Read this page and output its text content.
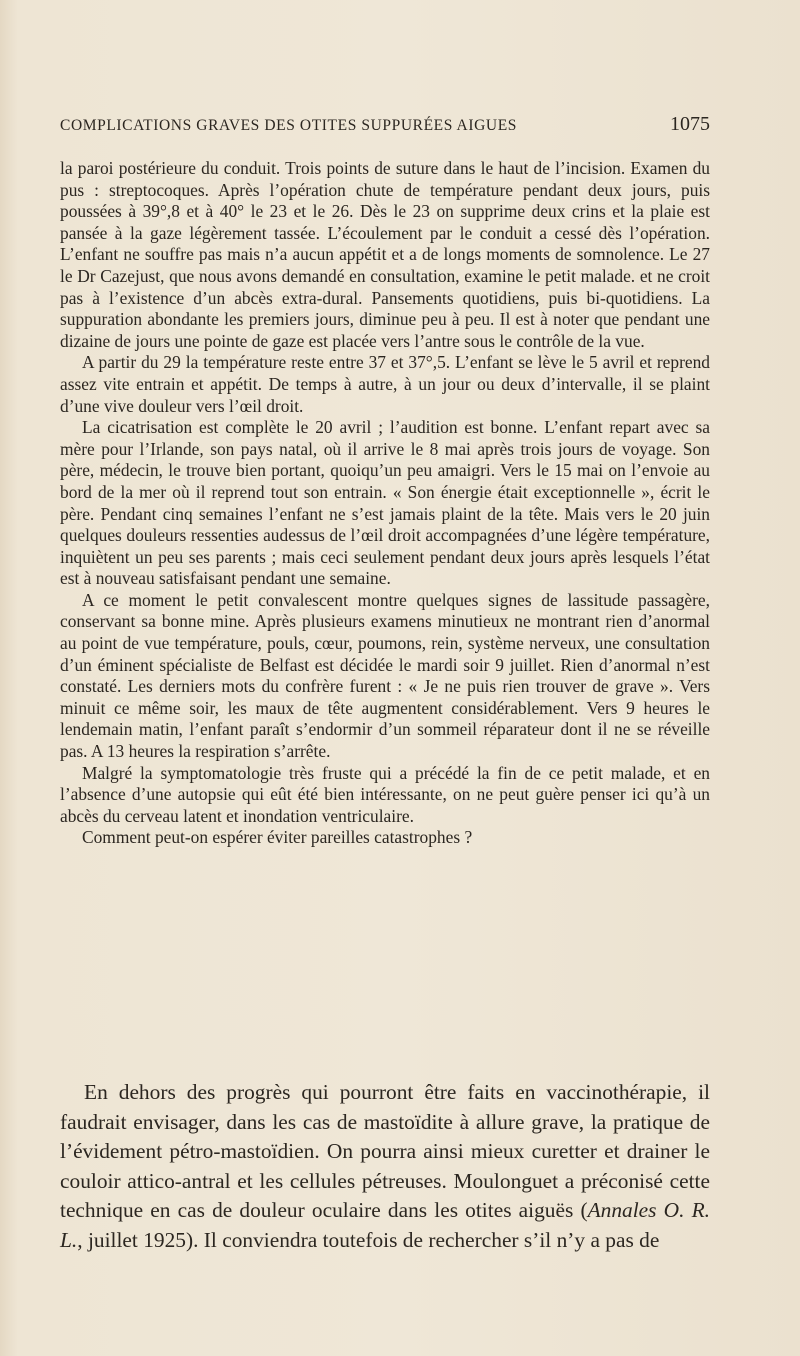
COMPLICATIONS GRAVES DES OTITES SUPPURÉES AIGUES	1075

la paroi postérieure du conduit. Trois points de suture dans le haut de l’incision. Examen du pus : streptocoques. Après l’opération chute de température pendant deux jours, puis poussées à 39°,8 et à 40° le 23 et le 26. Dès le 23 on supprime deux crins et la plaie est pansée à la gaze légèrement tassée. L’écoulement par le conduit a cessé dès l’opération. L’enfant ne souffre pas mais n’a aucun appétit et a de longs moments de somnolence. Le 27 le Dr Cazejust, que nous avons demandé en consultation, examine le petit malade. et ne croit pas à l’existence d’un abcès extra-dural. Pansements quotidiens, puis bi-quotidiens. La suppuration abondante les premiers jours, diminue peu à peu. Il est à noter que pendant une dizaine de jours une pointe de gaze est placée vers l’antre sous le contrôle de la vue.

A partir du 29 la température reste entre 37 et 37°,5. L’enfant se lève le 5 avril et reprend assez vite entrain et appétit. De temps à autre, à un jour ou deux d’intervalle, il se plaint d’une vive douleur vers l’œil droit.

La cicatrisation est complète le 20 avril ; l’audition est bonne. L’enfant repart avec sa mère pour l’Irlande, son pays natal, où il arrive le 8 mai après trois jours de voyage. Son père, médecin, le trouve bien portant, quoiqu’un peu amaigri. Vers le 15 mai on l’envoie au bord de la mer où il reprend tout son entrain. « Son énergie était exceptionnelle », écrit le père. Pendant cinq semaines l’enfant ne s’est jamais plaint de la tête. Mais vers le 20 juin quelques douleurs ressenties audessus de l’œil droit accompagnées d’une légère température, inquiètent un peu ses parents ; mais ceci seulement pendant deux jours après lesquels l’état est à nouveau satisfaisant pendant une semaine.

A ce moment le petit convalescent montre quelques signes de lassitude passagère, conservant sa bonne mine. Après plusieurs examens minutieux ne montrant rien d’anormal au point de vue température, pouls, cœur, poumons, rein, système nerveux, une consultation d’un éminent spécialiste de Belfast est décidée le mardi soir 9 juillet. Rien d’anormal n’est constaté. Les derniers mots du confrère furent : « Je ne puis rien trouver de grave ». Vers minuit ce même soir, les maux de tête augmentent considérablement. Vers 9 heures le lendemain matin, l’enfant paraît s’endormir d’un sommeil réparateur dont il ne se réveille pas. A 13 heures la respiration s’arrête.

Malgré la symptomatologie très fruste qui a précédé la fin de ce petit malade, et en l’absence d’une autopsie qui eût été bien intéressante, on ne peut guère penser ici qu’à un abcès du cerveau latent et inondation ventriculaire.

Comment peut-on espérer éviter pareilles catastrophes ?

En dehors des progrès qui pourront être faits en vaccinothérapie, il faudrait envisager, dans les cas de mastoïdite à allure grave, la pratique de l’évidement pétro-mastoïdien. On pourra ainsi mieux curetter et drainer le couloir attico-antral et les cellules pétreuses. Moulonguet a préconisé cette technique en cas de douleur oculaire dans les otites aiguës (Annales O. R. L., juillet 1925). Il conviendra toutefois de rechercher s’il n’y a pas de
